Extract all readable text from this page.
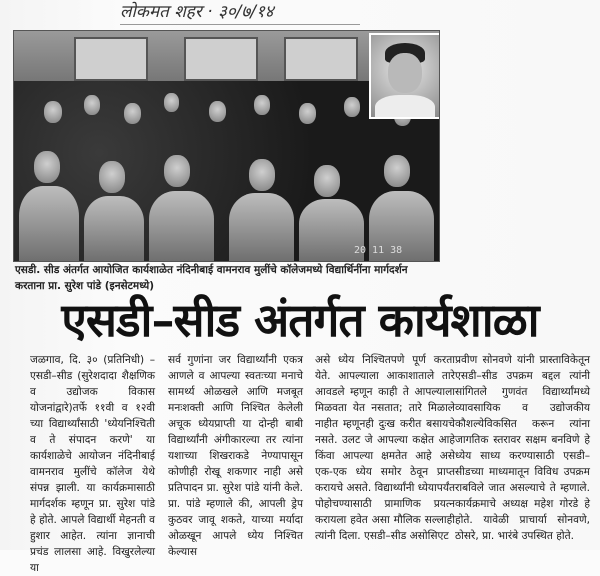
लोकमत शहर · ३०/७/१४
20 11 38
एसडी. सीड अंतर्गत आयोजित कार्यशाळेत नंदिनीबाई वामनराव मुलींचे कॉलेजमध्ये विद्यार्थिनींना मार्गदर्शन करताना प्रा. सुरेश पांडे (इनसेटमध्ये)
एसडी–सीड अंतर्गत कार्यशाळा

जळगाव, दि. ३० (प्रतिनिधी) – एसडी–सीड (सुरेशदादा शैक्षणिक व उद्योजक विकास योजनांद्वारे)तर्फे ११वी व १२वी च्या विद्यार्थ्यांसाठी 'ध्येयनिश्चिती व ते संपादन करणे' या कार्यशाळेचे आयोजन नंदिनीबाई वामनराव मुलींचे कॉलेज येथे संपन्न झाली. या कार्यक्रमासाठी मार्गदर्शक म्हणून प्रा. सुरेश पांडे हे होते. आपले विद्यार्थी मेहनती व हुशार आहेत. त्यांना ज्ञानाची प्रचंड लालसा आहे. विखुरलेल्या या

सर्व गुणांना जर विद्यार्थ्यांनी एकत्र आणले व आपल्या स्वतःच्या मनाचे सामर्थ्य ओळखले आणि मजबूत मनःशक्ती आणि निश्चित केलेली अचूक ध्येयप्राप्ती या दोन्ही बाबी विद्यार्थ्यांनी अंगीकारल्या तर त्यांना यशाच्या शिखराकडे नेण्यापासून कोणीही रोखू शकणार नाही असे प्रतिपादन प्रा. सुरेश पांडे यांनी केले. प्रा. पांडे म्हणाले की, आपली ड्रेप कुठवर जावू शकते, याच्या मर्यादा ओळखून आपले ध्येय निश्चित केल्यास

असे ध्येय निश्चितपणे पूर्ण करता येते. आपल्याला आकाशाताले तारे आवडले म्हणून काही ते आपल्याला मिळवता येत नसतात; तारे मिळाले नाहीत म्हणूनही दुःख करीत बसायचे नसते. उलट जे आपल्या कक्षेत आहे किंवा आपल्या क्षमतेत आहे असे एक-एक ध्येय समोर ठेवून प्राप्त करायचे असते. विद्यार्थ्यांनी ध्येयापर्यंत पोहोचण्यासाठी प्रामाणिक प्रयत्न करायला हवेत असा मौलिक सल्लाही त्यांनी दिला. एसडी–सीड असोसिएट

प्रवीण सोनवणे यांनी प्रास्ताविकेतून एसडी–सीड उपक्रम बद्दल त्यांनी सांगितले गुणवंत विद्यार्थ्यांमध्ये व्यावसायिक व उद्योजकीय कौशल्येविकसित करून त्यांना जागतिक स्तरावर सक्षम बनविणे हे ध्येय साध्य करण्यासाठी एसडी–सीडच्या माध्यमातून विविध उपक्रम राबविले जात असल्याचे ते म्हणाले. कार्यक्रमाचे अध्यक्ष महेश गोरडे हे होते. यावेळी प्राचार्या सोनवणे, ठोसरे, प्रा. भारंबे उपस्थित होते.
